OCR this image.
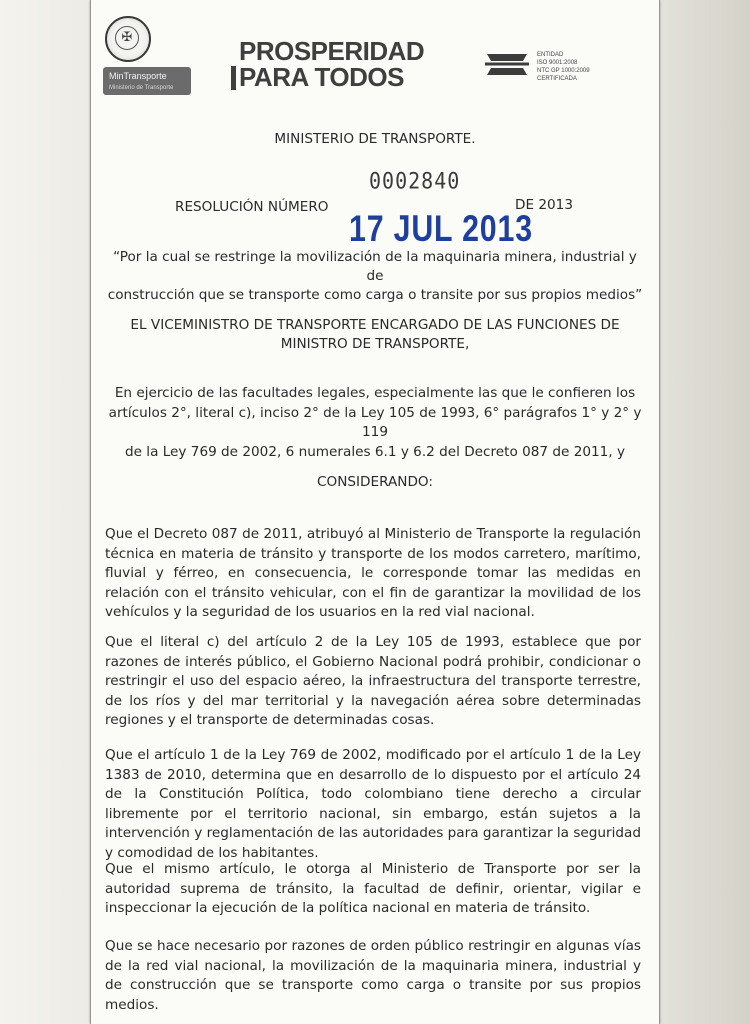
✠
MinTransporte
Ministerio de Transporte
PROSPERIDAD
PARA TODOS
ENTIDAD
ISO 9001:2008
NTC GP 1000:2009
CERTIFICADA
MINISTERIO DE TRANSPORTE.
0002840
RESOLUCIÓN NÚMERO	DE 2013
17 JUL 2013
“Por la cual se restringe la movilización de la maquinaria minera, industrial y de
construcción que se transporte como carga o transite por sus propios medios”
EL VICEMINISTRO DE TRANSPORTE ENCARGADO DE LAS FUNCIONES DE
MINISTRO DE TRANSPORTE,
En ejercicio de las facultades legales, especialmente las que le confieren los
artículos 2°, literal c), inciso 2° de la Ley 105 de 1993, 6° parágrafos 1° y 2° y 119
de la Ley 769 de 2002, 6 numerales 6.1 y 6.2 del Decreto 087 de 2011, y
CONSIDERANDO:

Que el Decreto 087 de 2011, atribuyó al Ministerio de Transporte la regulación técnica en materia de tránsito y transporte de los modos carretero, marítimo, fluvial y férreo, en consecuencia, le corresponde tomar las medidas en relación con el tránsito vehicular, con el fin de garantizar la movilidad de los vehículos y la seguridad de los usuarios en la red vial nacional.

Que el literal c) del artículo 2 de la Ley 105 de 1993, establece que por razones de interés público, el Gobierno Nacional podrá prohibir, condicionar o restringir el uso del espacio aéreo, la infraestructura del transporte terrestre, de los ríos y del mar territorial y la navegación aérea sobre determinadas regiones y el transporte de determinadas cosas.

Que el artículo 1 de la Ley 769 de 2002, modificado por el artículo 1 de la Ley 1383 de 2010, determina que en desarrollo de lo dispuesto por el artículo 24 de la Constitución Política, todo colombiano tiene derecho a circular libremente por el territorio nacional, sin embargo, están sujetos a la intervención y reglamentación de las autoridades para garantizar la seguridad y comodidad de los habitantes.

Que el mismo artículo, le otorga al Ministerio de Transporte por ser la autoridad suprema de tránsito, la facultad de definir, orientar, vigilar e inspeccionar la ejecución de la política nacional en materia de tránsito.

Que se hace necesario por razones de orden público restringir en algunas vías de la red vial nacional, la movilización de la maquinaria minera, industrial y de construcción que se transporte como carga o transite por sus propios medios.
